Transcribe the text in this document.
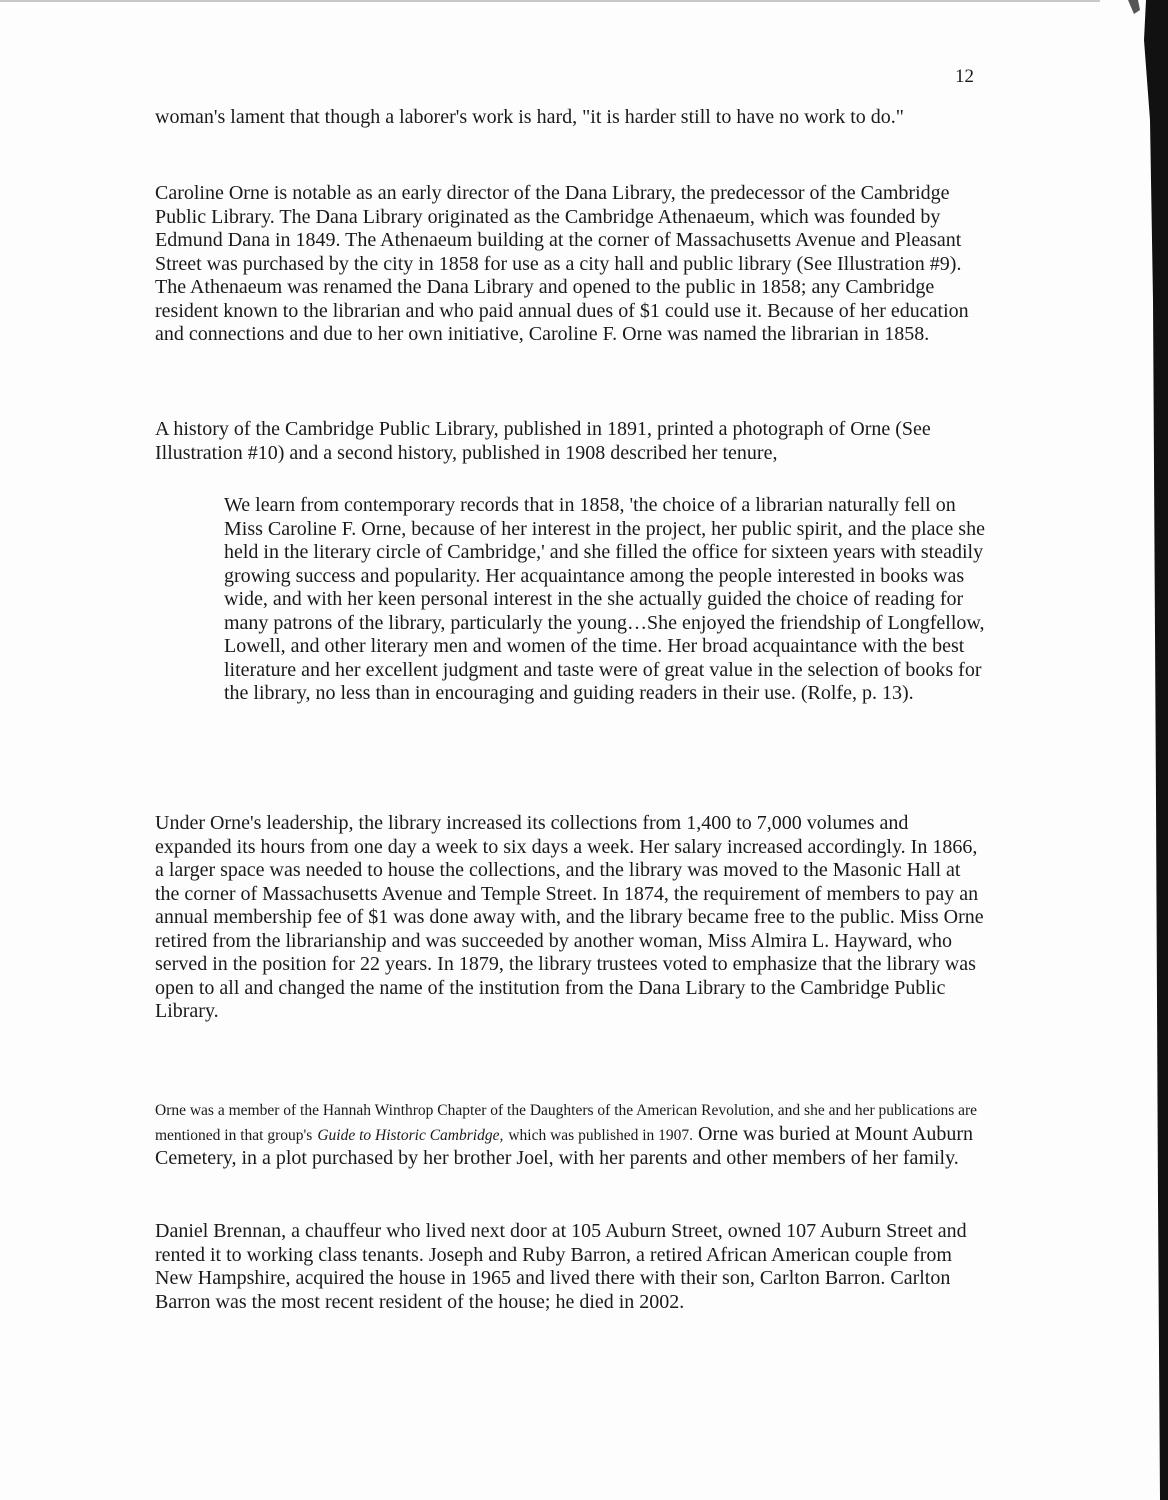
12

woman's lament that though a laborer's work is hard, "it is harder still to have no work to do."

Caroline Orne is notable as an early director of the Dana Library, the predecessor of the Cambridge Public Library. The Dana Library originated as the Cambridge Athenaeum, which was founded by Edmund Dana in 1849. The Athenaeum building at the corner of Massachusetts Avenue and Pleasant Street was purchased by the city in 1858 for use as a city hall and public library (See Illustration #9). The Athenaeum was renamed the Dana Library and opened to the public in 1858; any Cambridge resident known to the librarian and who paid annual dues of $1 could use it. Because of her education and connections and due to her own initiative, Caroline F. Orne was named the librarian in 1858.

A history of the Cambridge Public Library, published in 1891, printed a photograph of Orne (See Illustration #10) and a second history, published in 1908 described her tenure,

We learn from contemporary records that in 1858, 'the choice of a librarian naturally fell on Miss Caroline F. Orne, because of her interest in the project, her public spirit, and the place she held in the literary circle of Cambridge,' and she filled the office for sixteen years with steadily growing success and popularity. Her acquaintance among the people interested in books was wide, and with her keen personal interest in the she actually guided the choice of reading for many patrons of the library, particularly the young…She enjoyed the friendship of Longfellow, Lowell, and other literary men and women of the time. Her broad acquaintance with the best literature and her excellent judgment and taste were of great value in the selection of books for the library, no less than in encouraging and guiding readers in their use. (Rolfe, p. 13).

Under Orne's leadership, the library increased its collections from 1,400 to 7,000 volumes and expanded its hours from one day a week to six days a week. Her salary increased accordingly. In 1866, a larger space was needed to house the collections, and the library was moved to the Masonic Hall at the corner of Massachusetts Avenue and Temple Street. In 1874, the requirement of members to pay an annual membership fee of $1 was done away with, and the library became free to the public. Miss Orne retired from the librarianship and was succeeded by another woman, Miss Almira L. Hayward, who served in the position for 22 years. In 1879, the library trustees voted to emphasize that the library was open to all and changed the name of the institution from the Dana Library to the Cambridge Public Library.

Orne was a member of the Hannah Winthrop Chapter of the Daughters of the American Revolution, and she and her publications are mentioned in that group's Guide to Historic Cambridge, which was published in 1907. Orne was buried at Mount Auburn Cemetery, in a plot purchased by her brother Joel, with her parents and other members of her family.

Daniel Brennan, a chauffeur who lived next door at 105 Auburn Street, owned 107 Auburn Street and rented it to working class tenants. Joseph and Ruby Barron, a retired African American couple from New Hampshire, acquired the house in 1965 and lived there with their son, Carlton Barron. Carlton Barron was the most recent resident of the house; he died in 2002.
